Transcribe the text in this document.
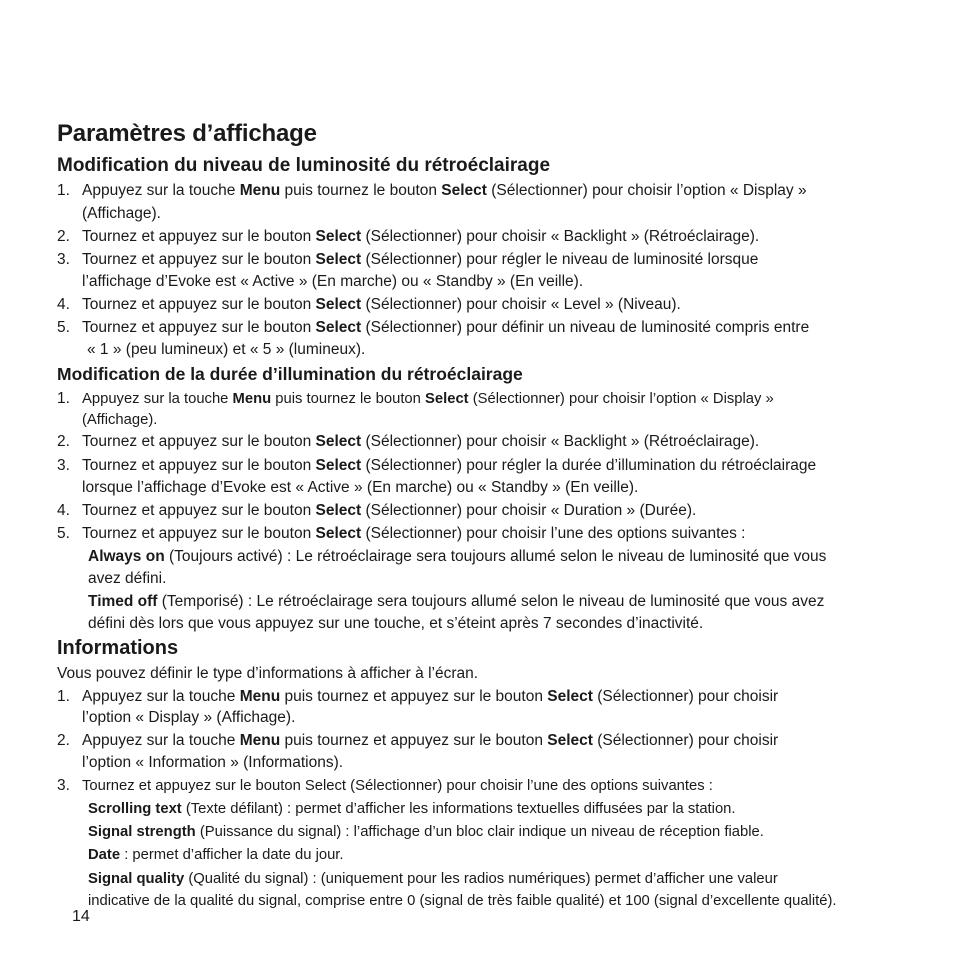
Paramètres d’affichage
Modification du niveau de luminosité du rétroéclairage
Modification de la durée d’illumination du rétroéclairage
Informations
Vous pouvez définir le type d’informations à afficher à l’écran.
1. Appuyez sur la touche Menu puis tournez le bouton Select (Sélectionner) pour choisir l’option « Display »
(Affichage).
2. Tournez et appuyez sur le bouton Select (Sélectionner) pour choisir « Backlight » (Rétroéclairage).
3. Tournez et appuyez sur le bouton Select (Sélectionner) pour régler le niveau de luminosité lorsque
l’affichage d’Evoke est « Active » (En marche) ou « Standby » (En veille).
4. Tournez et appuyez sur le bouton Select (Sélectionner) pour choisir « Level » (Niveau).
5. Tournez et appuyez sur le bouton Select (Sélectionner) pour définir un niveau de luminosité compris entre
« 1 » (peu lumineux) et « 5 » (lumineux).
1. Appuyez sur la touche Menu puis tournez le bouton Select (Sélectionner) pour choisir l’option « Display »
(Affichage).
2. Tournez et appuyez sur le bouton Select (Sélectionner) pour choisir « Backlight » (Rétroéclairage).
3. Tournez et appuyez sur le bouton Select (Sélectionner) pour régler la durée d’illumination du rétroéclairage
lorsque l’affichage d’Evoke est « Active » (En marche) ou « Standby » (En veille).
4. Tournez et appuyez sur le bouton Select (Sélectionner) pour choisir « Duration » (Durée).
5. Tournez et appuyez sur le bouton Select (Sélectionner) pour choisir l’une des options suivantes :
Always on (Toujours activé) : Le rétroéclairage sera toujours allumé selon le niveau de luminosité que vous
avez défini.
Timed off (Temporisé) : Le rétroéclairage sera toujours allumé selon le niveau de luminosité que vous avez
défini dès lors que vous appuyez sur une touche, et s’éteint après 7 secondes d’inactivité.
1. Appuyez sur la touche Menu puis tournez et appuyez sur le bouton Select (Sélectionner) pour choisir
l’option « Display » (Affichage).
2. Appuyez sur la touche Menu puis tournez et appuyez sur le bouton Select (Sélectionner) pour choisir
l’option « Information » (Informations).
3. Tournez et appuyez sur le bouton Select (Sélectionner) pour choisir l’une des options suivantes :
Scrolling text (Texte défilant) : permet d’afficher les informations textuelles diffusées par la station.
Signal strength (Puissance du signal) : l’affichage d’un bloc clair indique un niveau de réception fiable.
Date : permet d’afficher la date du jour.
Signal quality (Qualité du signal) : (uniquement pour les radios numériques) permet d’afficher une valeur
indicative de la qualité du signal, comprise entre 0 (signal de très faible qualité) et 100 (signal d’excellente qualité).
14
